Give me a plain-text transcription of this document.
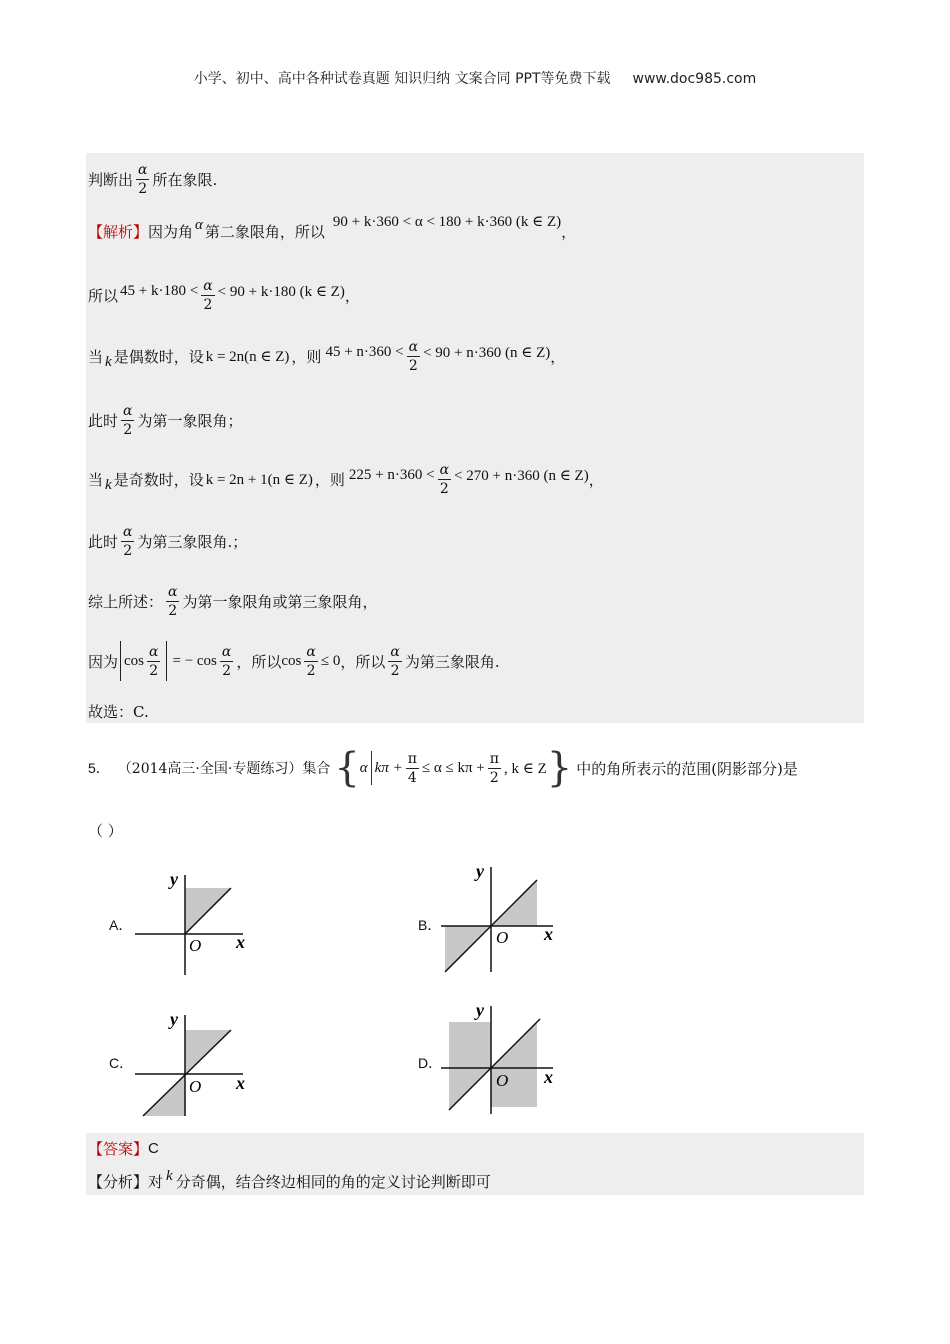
小学、初中、高中各种试卷真题 知识归纳 文案合同 PPT等免费下载 www.doc985.com
判断出 $\frac{\alpha}{2}$ 所在象限.
【解析】 因为角 α 第二象限角，所以
90 + k·360 < α < 180 + k·360 (k ∈ Z)
，
所以 $45 + k\cdot 180 < \frac{\alpha}{2} < 90 + k\cdot 180$ (k ∈ Z) ，
当 k 是偶数时，设 k = 2n(n ∈ Z) ，则 $45 + n\cdot 360 < \frac{\alpha}{2} < 90 + n\cdot 360$ (n ∈ Z) ，
此时 $\frac{\alpha}{2}$ 为第一象限角；
当 k 是奇数时，设 k = 2n + 1(n ∈ Z) ，则 $225 + n\cdot 360 < \frac{\alpha}{2} < 270 + n\cdot 360$ (n ∈ Z) ，
此时 $\frac{\alpha}{2}$ 为第三象限角.；
综上所述： $\frac{\alpha}{2}$ 为第一象限角或第三象限角，
因为 $\cos \frac{\alpha}{2}$ = − $\cos \frac{\alpha}{2}$ ，所以 $\cos \frac{\alpha}{2} \le 0$ ，所以 $\frac{\alpha}{2}$ 为第三象限角.
故选：C.
5． （2014高三·全国·专题练习）集合 { α $k\pi + \frac{\pi}{4} \le \alpha \le k\pi + \frac{\pi}{2}$ , k ∈ Z } 中的角所表示的范围(阴影部分)是
（ ）
A．	B．
C．	D．
y
x
O
y
x
O
y
x
O
y
x
O
【答案】 C
【分析】 对 k 分奇偶，结合终边相同的角的定义讨论判断即可
